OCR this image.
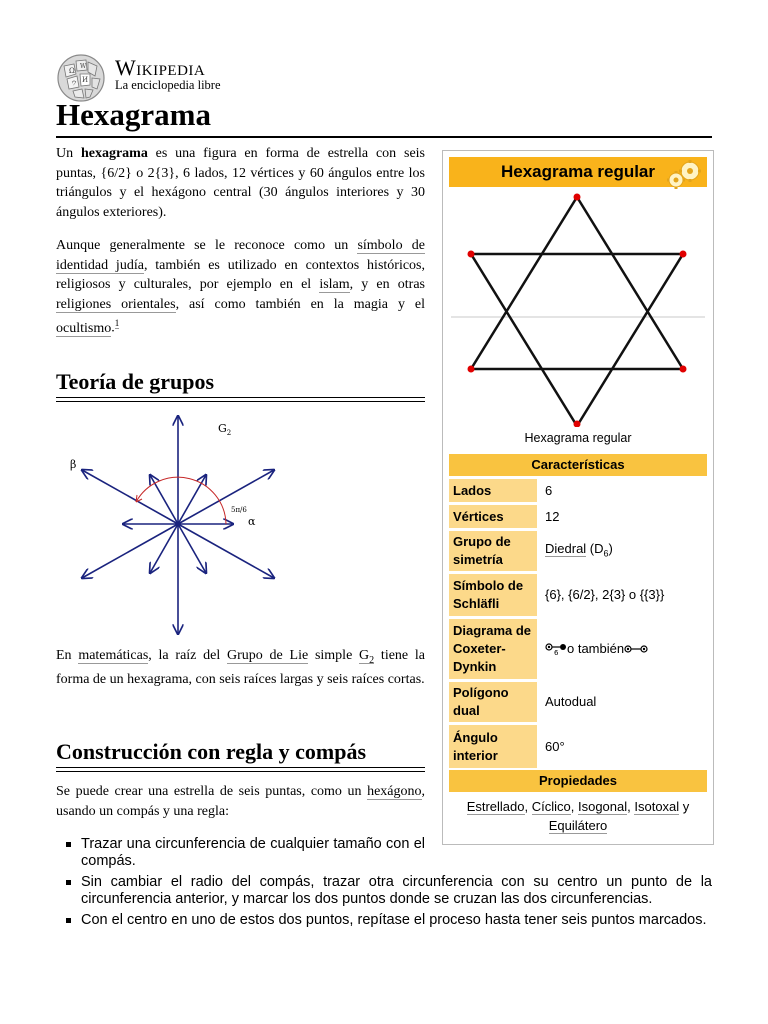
Ω
W
И
ウ
Wikipedia
La enciclopedia libre
Hexagrama

Un hexagrama es una figura en forma de estrella con seis puntas, {6/2} o 2{3}, 6 lados, 12 vértices y 60 ángulos entre los triángulos y el hexágono central (30 ángulos interiores y 30 ángulos exteriores).

Aunque generalmente se le reconoce como un símbolo de identidad judía, también es utilizado en contextos históricos, religiosos y culturales, por ejemplo en el islam, y en otras religiones orientales, así como también en la magia y el ocultismo.$^1$

Teoría de grupos
$G_2$
β
α
5π/6

En matemáticas, la raíz del Grupo de Lie simple $G_2$ tiene la forma de un hexagrama, con seis raíces largas y seis raíces cortas.

Construcción con regla y compás

Se puede crear una estrella de seis puntas, como un hexágono, usando un compás y una regla:

Trazar una circunferencia de cualquier tamaño con el compás.
Sin cambiar el radio del compás, trazar otra circunferencia con su centro un punto de la circunferencia anterior, y marcar los dos puntos donde se cruzan las dos circunferencias.
Con el centro en uno de estos dos puntos, repítase el proceso hasta tener seis puntos marcados.
Hexagrama regular
Hexagrama regular
Características
Lados	6
Vértices	12
Grupo de simetría
Diedral $(D_6)$
Símbolo de Schläfli
{6}, {6/2}, 2{3} o {{3}}
Diagrama de Coxeter-Dynkin
6 o también
Polígono dual
Autodual
Ángulo interior
60°
Propiedades
Estrellado, Cíclico, Isogonal, Isotoxal y Equilátero
